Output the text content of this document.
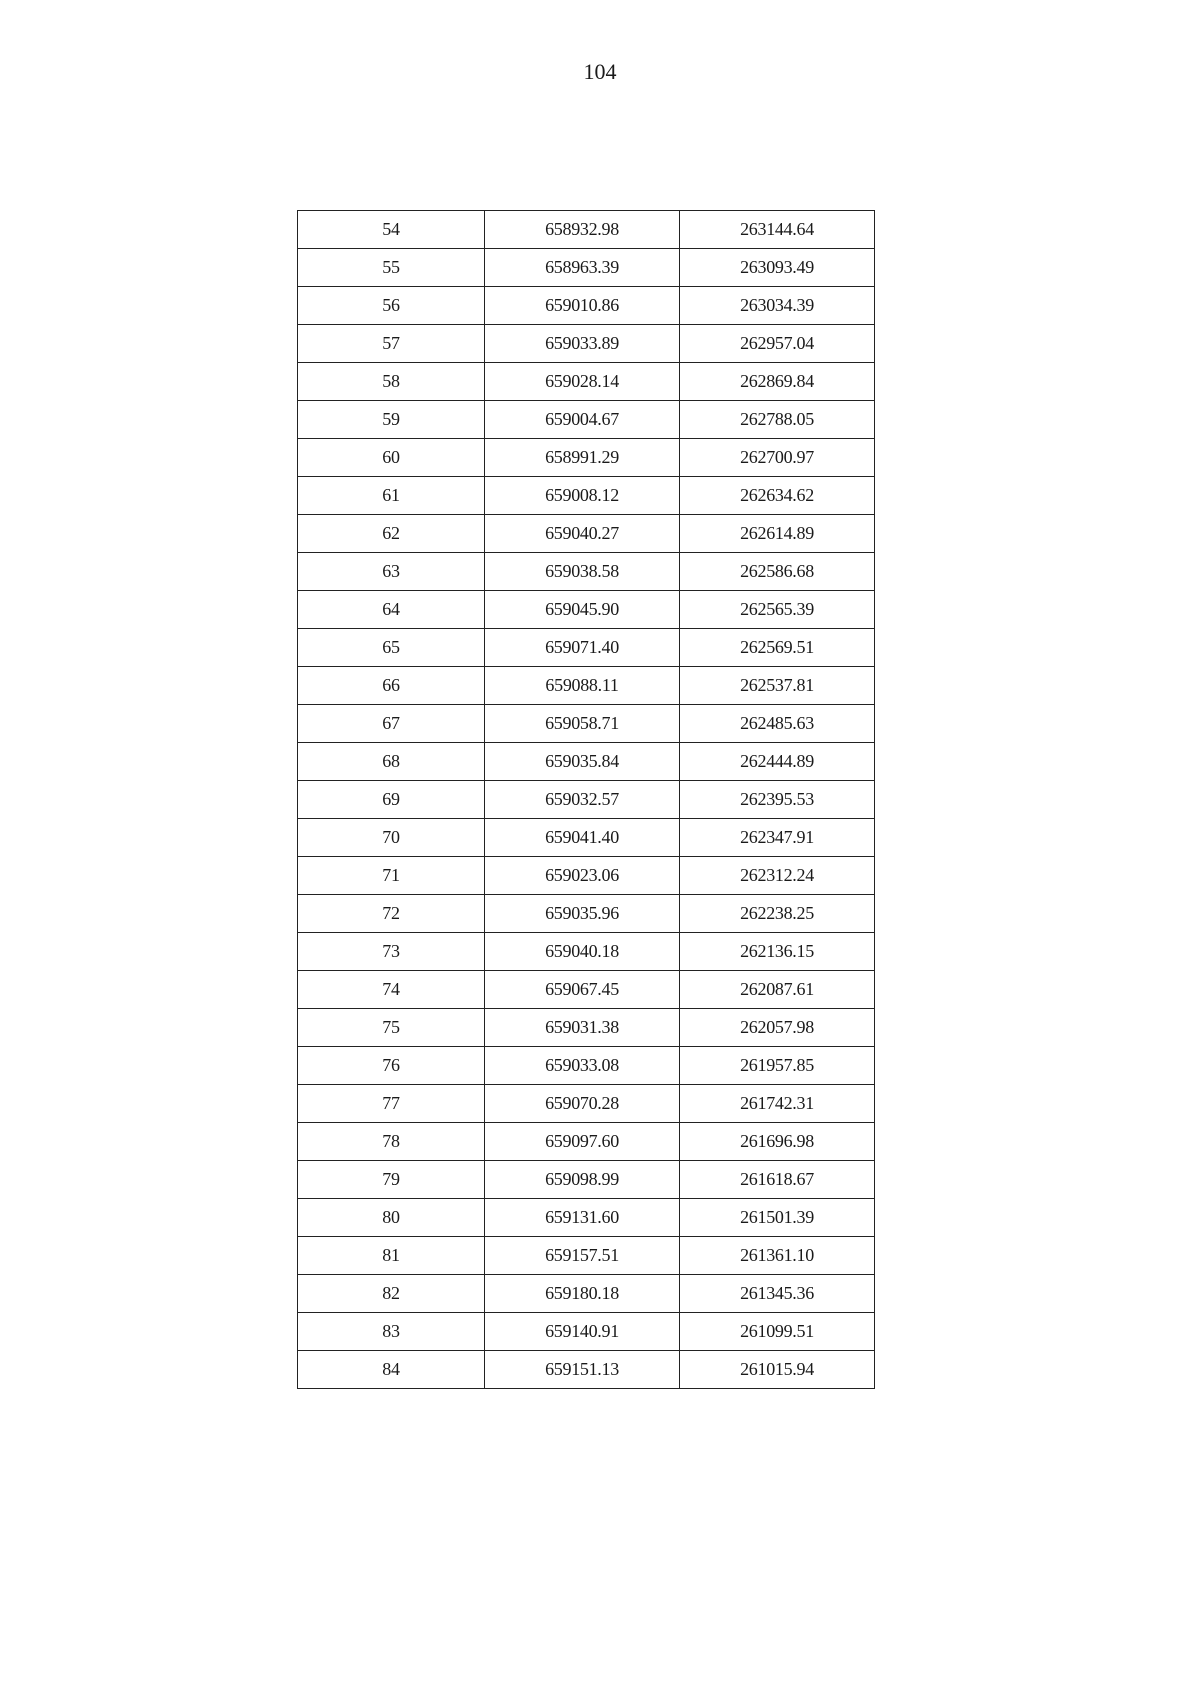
104
54	658932.98	263144.64
55	658963.39	263093.49
56	659010.86	263034.39
57	659033.89	262957.04
58	659028.14	262869.84
59	659004.67	262788.05
60	658991.29	262700.97
61	659008.12	262634.62
62	659040.27	262614.89
63	659038.58	262586.68
64	659045.90	262565.39
65	659071.40	262569.51
66	659088.11	262537.81
67	659058.71	262485.63
68	659035.84	262444.89
69	659032.57	262395.53
70	659041.40	262347.91
71	659023.06	262312.24
72	659035.96	262238.25
73	659040.18	262136.15
74	659067.45	262087.61
75	659031.38	262057.98
76	659033.08	261957.85
77	659070.28	261742.31
78	659097.60	261696.98
79	659098.99	261618.67
80	659131.60	261501.39
81	659157.51	261361.10
82	659180.18	261345.36
83	659140.91	261099.51
84	659151.13	261015.94
